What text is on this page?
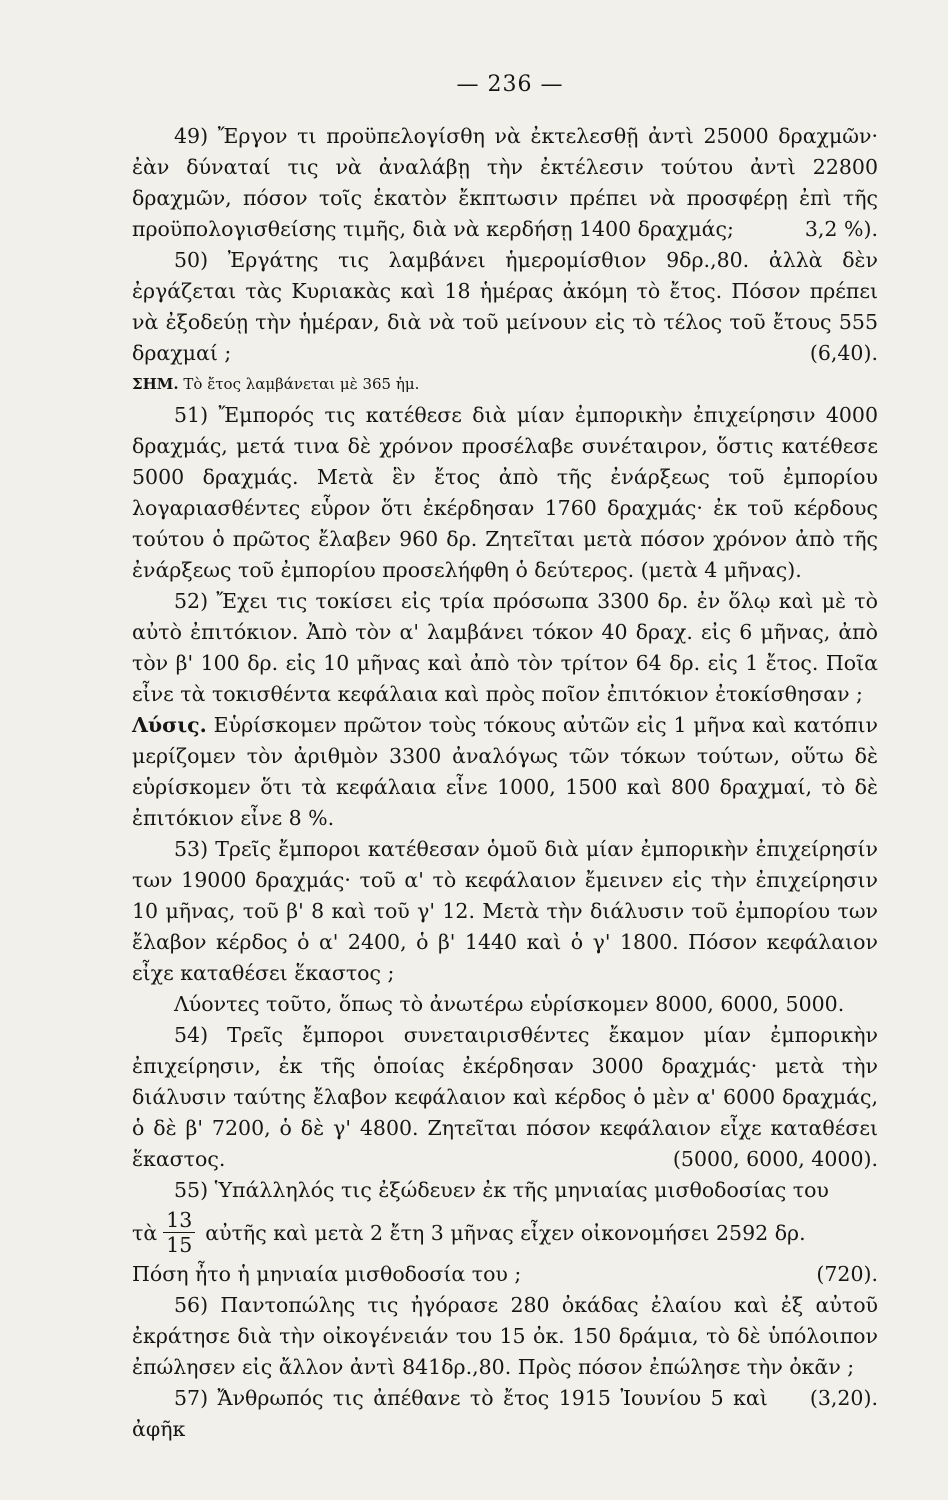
— 236 —

49) Ἔργον τι προϋπελογίσθη νὰ ἐκτελεσθῇ ἀντὶ 25000 δραχμῶν· ἐὰν δύναταί τις νὰ ἀναλάβῃ τὴν ἐκτέλεσιν τούτου ἀντὶ 22800 δραχμῶν, πόσον τοῖς ἑκατὸν ἔκπτωσιν πρέπει νὰ προσφέρῃ ἐπὶ τῆς προϋπολογισθείσης τιμῆς, διὰ νὰ κερδήσῃ 1400 δραχμάς;	3,2 %).

50) Ἐργάτης τις λαμβάνει ἡμερομίσθιον 9δρ.,80. ἀλλὰ δὲν ἐργάζεται τὰς Κυριακὰς καὶ 18 ἡμέρας ἀκόμη τὸ ἔτος. Πόσον πρέπει νὰ ἐξοδεύῃ τὴν ἡμέραν, διὰ νὰ τοῦ μείνουν εἰς τὸ τέλος τοῦ ἔτους 555 δραχμαί ;	(6,40).

ΣΗΜ. Τὸ ἔτος λαμβάνεται μὲ 365 ἡμ.

51) Ἔμπορός τις κατέθεσε διὰ μίαν ἐμπορικὴν ἐπιχείρησιν 4000 δραχμάς, μετά τινα δὲ χρόνον προσέλαβε συνέταιρον, ὅστις κατέθεσε 5000 δραχμάς. Μετὰ ἓν ἔτος ἀπὸ τῆς ἐνάρξεως τοῦ ἐμπορίου λογαριασθέντες εὗρον ὅτι ἐκέρδησαν 1760 δραχμάς· ἐκ τοῦ κέρδους τούτου ὁ πρῶτος ἔλαβεν 960 δρ. Ζητεῖται μετὰ πόσον χρόνον ἀπὸ τῆς ἐνάρξεως τοῦ ἐμπορίου προσελήφθη ὁ δεύτερος. (μετὰ 4 μῆνας).

52) Ἔχει τις τοκίσει εἰς τρία πρόσωπα 3300 δρ. ἐν ὅλῳ καὶ μὲ τὸ αὐτὸ ἐπιτόκιον. Ἀπὸ τὸν α' λαμβάνει τόκον 40 δραχ. εἰς 6 μῆνας, ἀπὸ τὸν β' 100 δρ. εἰς 10 μῆνας καὶ ἀπὸ τὸν τρίτον 64 δρ. εἰς 1 ἔτος. Ποῖα εἶνε τὰ τοκισθέντα κεφάλαια καὶ πρὸς ποῖον ἐπιτόκιον ἐτοκίσθησαν ;

Λύσις. Εὑρίσκομεν πρῶτον τοὺς τόκους αὐτῶν εἰς 1 μῆνα καὶ κατόπιν μερίζομεν τὸν ἀριθμὸν 3300 ἀναλόγως τῶν τόκων τούτων, οὕτω δὲ εὑρίσκομεν ὅτι τὰ κεφάλαια εἶνε 1000, 1500 καὶ 800 δραχμαί, τὸ δὲ ἐπιτόκιον εἶνε 8 %.

53) Τρεῖς ἔμποροι κατέθεσαν ὁμοῦ διὰ μίαν ἐμπορικὴν ἐπιχείρησίν των 19000 δραχμάς· τοῦ α' τὸ κεφάλαιον ἔμεινεν εἰς τὴν ἐπιχείρησιν 10 μῆνας, τοῦ β' 8 καὶ τοῦ γ' 12. Μετὰ τὴν διάλυσιν τοῦ ἐμπορίου των ἔλαβον κέρδος ὁ α' 2400, ὁ β' 1440 καὶ ὁ γ' 1800. Πόσον κεφάλαιον εἶχε καταθέσει ἕκαστος ;

Λύοντες τοῦτο, ὅπως τὸ ἀνωτέρω εὑρίσκομεν 8000, 6000, 5000.

54) Τρεῖς ἔμποροι συνεταιρισθέντες ἔκαμον μίαν ἐμπορικὴν ἐπιχείρησιν, ἐκ τῆς ὁποίας ἐκέρδησαν 3000 δραχμάς· μετὰ τὴν διάλυσιν ταύτης ἔλαβον κεφάλαιον καὶ κέρδος ὁ μὲν α' 6000 δραχμάς, ὁ δὲ β' 7200, ὁ δὲ γ' 4800. Ζητεῖται πόσον κεφάλαιον εἶχε καταθέσει ἕκαστος.	(5000, 6000, 4000).

55) Ὑπάλληλός τις ἐξώδευεν ἐκ τῆς μηνιαίας μισθοδοσίας του

τὰ $\frac{13}{15}$ αὐτῆς καὶ μετὰ 2 ἔτη 3 μῆνας εἶχεν οἰκονομήσει 2592 δρ.

Πόση ἦτο ἡ μηνιαία μισθοδοσία του ;	(720).

56) Παντοπώλης τις ἠγόρασε 280 ὀκάδας ἐλαίου καὶ ἐξ αὐτοῦ ἐκράτησε διὰ τὴν οἰκογένειάν του 15 ὀκ. 150 δράμια, τὸ δὲ ὑπόλοιπον ἐπώλησεν εἰς ἄλλον ἀντὶ 841δρ.,80. Πρὸς πόσον ἐπώλησε τὴν ὀκᾶν ;
(3,20).

57) Ἄνθρωπός τις ἀπέθανε τὸ ἔτος 1915 Ἰουνίου 5 καὶ ἀφῆκ
